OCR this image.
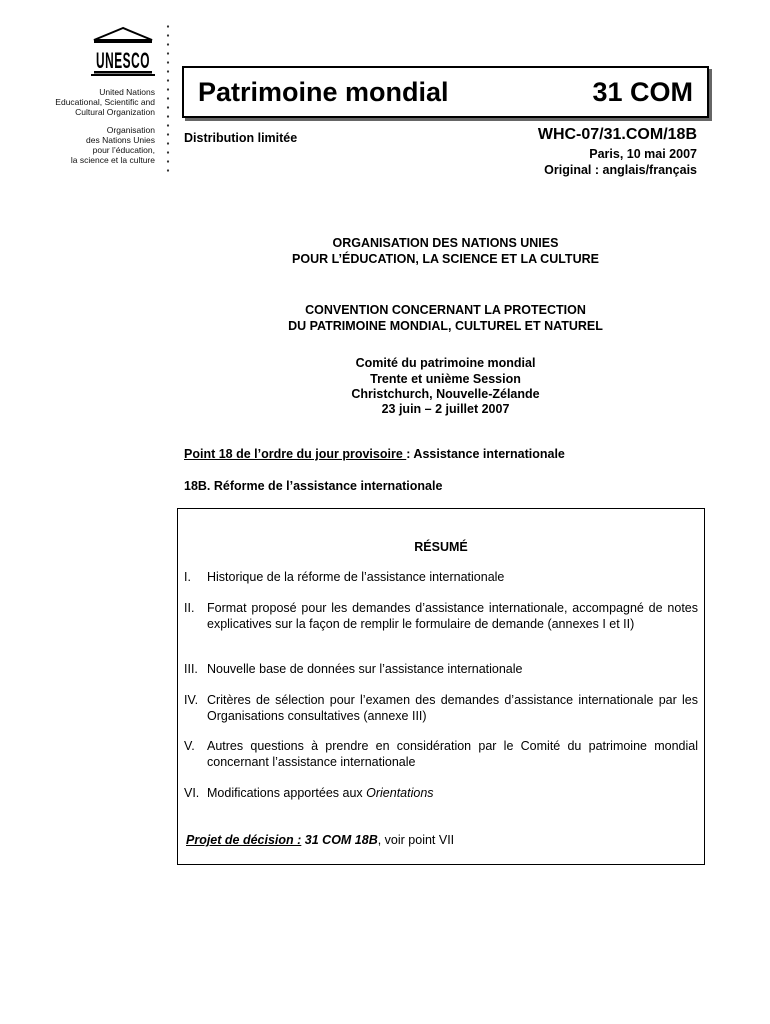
UNESCO
United Nations
Educational, Scientific and
Cultural Organization
Organisation
des Nations Unies
pour l’éducation,
la science et la culture
Patrimoine mondial	31 COM
Distribution limitée	WHC-07/31.COM/18B
Paris, 10 mai 2007
Original : anglais/français
ORGANISATION DES NATIONS UNIES
POUR L’ÉDUCATION, LA SCIENCE ET LA CULTURE
CONVENTION CONCERNANT LA PROTECTION
DU PATRIMOINE MONDIAL, CULTUREL ET NATUREL
Comité du patrimoine mondial
Trente et unième Session
Christchurch, Nouvelle-Zélande
23 juin – 2 juillet 2007
Point 18 de l’ordre du jour provisoire : Assistance internationale
18B. Réforme de l’assistance internationale
RÉSUMÉ
I. Historique de la réforme de l’assistance internationale
II. Format proposé pour les demandes d’assistance internationale, accompagné de notes explicatives sur la façon de remplir le formulaire de demande (annexes I et II)
III. Nouvelle base de données sur l’assistance internationale
IV. Critères de sélection pour l’examen des demandes d’assistance internationale par les Organisations consultatives (annexe III)
V. Autres questions à prendre en considération par le Comité du patrimoine mondial concernant l’assistance internationale
VI. Modifications apportées aux Orientations
Projet de décision : 31 COM 18B, voir point VII
